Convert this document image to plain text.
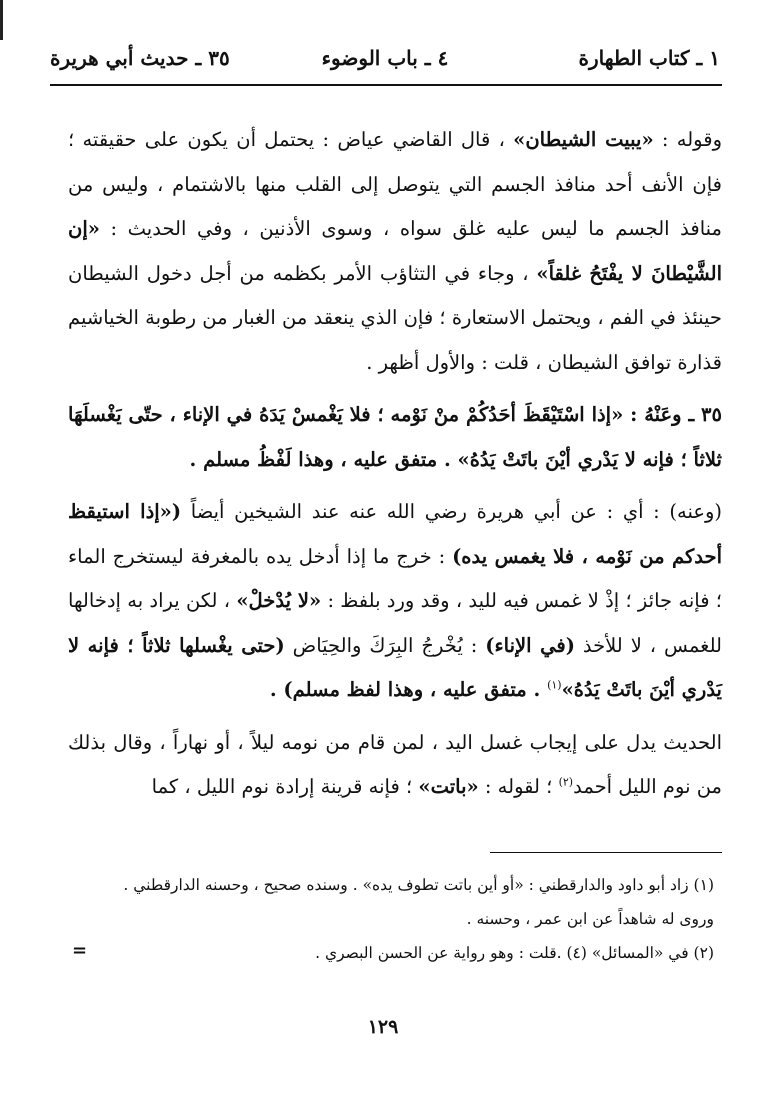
١ ـ كتاب الطهارة
٤ ـ باب الوضوء
٣٥ ـ حديث أبي هريرة

وقوله : «يبيت الشيطان» ، قال القاضي عياض : يحتمل أن يكون على حقيقته ؛ فإن الأنف أحد منافذ الجسم التي يتوصل إلى القلب منها بالاشتمام ، وليس من منافذ الجسم ما ليس عليه غلق سواه ، وسوى الأذنين ، وفي الحديث : «إن الشَّيْطانَ لا يفْتَحُ غلقاً» ، وجاء في التثاؤب الأمر بكظمه من أجل دخول الشيطان حينئذ في الفم ، ويحتمل الاستعارة ؛ فإن الذي ينعقد من الغبار من رطوبة الخياشيم قذارة توافق الشيطان ، قلت : والأول أظهر .

٣٥ ـ وعَنْهُ : «إذا اسْتَيْقَظَ أحَدُكُمْ منْ نَوْمه ؛ فلا يَغْمسْ يَدَهُ في الإناء ، حتّى يَغْسلَهَا ثلاثاً ؛ فإنه لا يَدْري أيْنَ باتَتْ يَدُهُ» . متفق عليه ، وهذا لَفْظُ مسلم .

(وعنه) : أي : عن أبي هريرة رضي الله عنه عند الشيخين أيضاً («إذا استيقظ أحدكم من نَوْمه ، فلا يغمس يده) : خرج ما إذا أدخل يده بالمغرفة ليستخرج الماء ؛ فإنه جائز ؛ إذْ لا غمس فيه لليد ، وقد ورد بلفظ : «لا يُدْخلْ» ، لكن يراد به إدخالها للغمس ، لا للأخذ (في الإناء) : يُخْرجُ البِرَكَ والحِيَاض (حتى يغْسلها ثلاثاً ؛ فإنه لا يَدْري أيْنَ باتَتْ يَدُهُ»$^{(١)}$ . متفق عليه ، وهذا لفظ مسلم) .

الحديث يدل على إيجاب غسل اليد ، لمن قام من نومه ليلاً ، أو نهاراً ، وقال بذلك من نوم الليل أحمد$^{(٢)}$ ؛ لقوله : «باتت» ؛ فإنه قرينة إرادة نوم الليل ، كما

(١) زاد أبو داود والدارقطني : «أو أين باتت تطوف يده» . وسنده صحيح ، وحسنه الدارقطني .

وروى له شاهداً عن ابن عمر ، وحسنه .

(٢) في «المسائل» (٤) .قلت : وهو رواية عن الحسن البصري .

=
١٢٩
